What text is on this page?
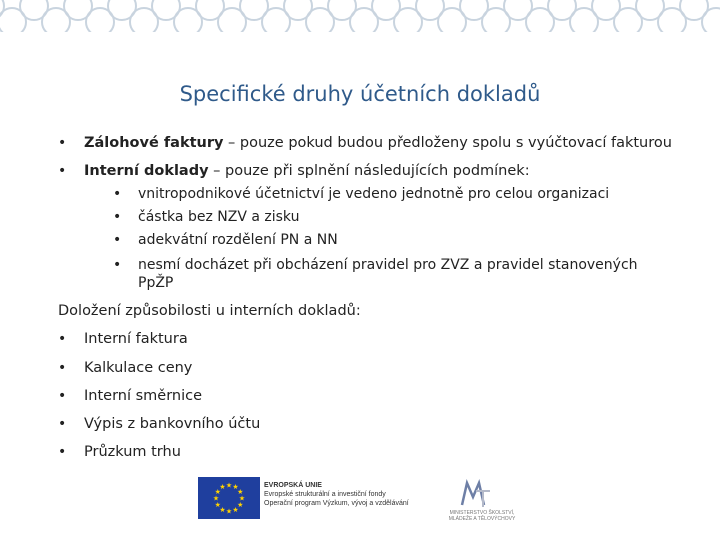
Specifické druhy účetních dokladů
• Zálohové faktury – pouze pokud budou předloženy spolu s vyúčtovací fakturou
• Interní doklady – pouze při splnění následujících podmínek:
• vnitropodnikové účetnictví je vedeno jednotně pro celou organizaci
• částka bez NZV a zisku
• adekvátní rozdělení PN a NN
• nesmí docházet při obcházení pravidel pro ZVZ a pravidel stanovených
PpŽP
Doložení způsobilosti u interních dokladů:
• Interní faktura
• Kalkulace ceny
• Interní směrnice
• Výpis z bankovního účtu
• Průzkum trhu
★ ★
★
★
★
★
★
★
★
★
★
★	EVROPSKÁ UNIE
Evropské strukturální a investiční fondy
Operační program Výzkum, vývoj a vzdělávání
MINISTERSTVO ŠKOLSTVÍ,
MLÁDEŽE A TĚLOVÝCHOVY
